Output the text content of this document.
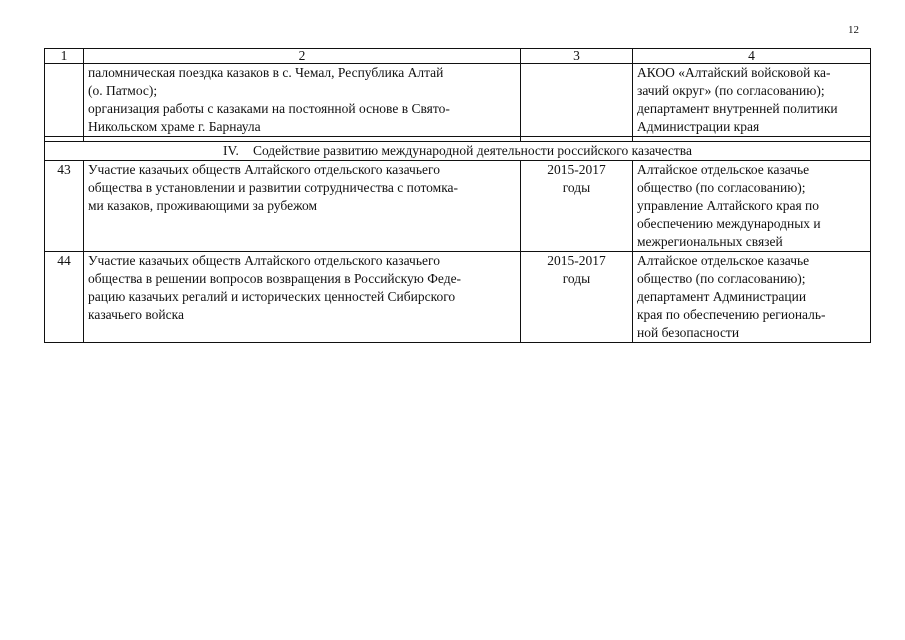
12
1	2	3	4

	паломническая поездка казаков в с. Чемал, Республика Алтай
(о. Патмос);
организация работы с казаками на постоянной основе в Свято-
Никольском храме г. Барнаула		АКОО «Алтайский войсковой ка-
зачий округ» (по согласованию);
департамент внутренней политики
Администрации края

IV. Содействие развитию международной деятельности российского казачества			
43	Участие казачьих обществ Алтайского отдельского казачьего
общества в установлении и развитии сотрудничества с потомка-
ми казаков, проживающими за рубежом	2015-2017
годы	Алтайское отдельское казачье
общество (по согласованию);
управление Алтайского края по
обеспечению международных и
межрегиональных связей

44	Участие казачьих обществ Алтайского отдельского казачьего
общества в решении вопросов возвращения в Российскую Феде-
рацию казачьих регалий и исторических ценностей Сибирского
казачьего войска	2015-2017
годы	Алтайское отдельское казачье
общество (по согласованию);
департамент Администрации
края по обеспечению региональ-
ной безопасности
